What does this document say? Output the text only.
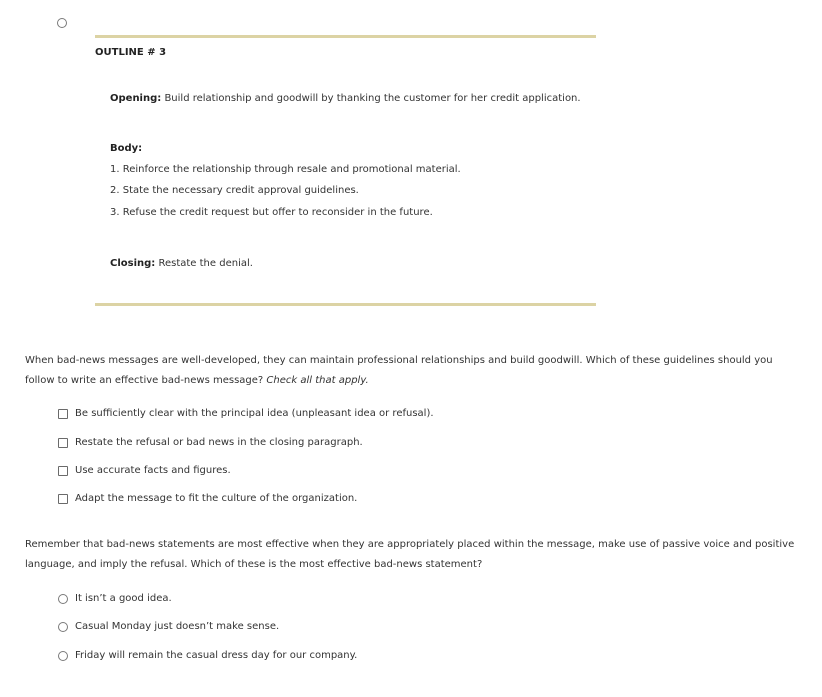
OUTLINE # 3
Opening: Build relationship and goodwill by thanking the customer for her credit application.
Body:
1. Reinforce the relationship through resale and promotional material.
2. State the necessary credit approval guidelines.
3. Refuse the credit request but offer to reconsider in the future.
Closing: Restate the denial.
When bad-news messages are well-developed, they can maintain professional relationships and build goodwill. Which of these guidelines should you follow to write an effective bad-news message? Check all that apply.
Be sufficiently clear with the principal idea (unpleasant idea or refusal).
Restate the refusal or bad news in the closing paragraph.
Use accurate facts and figures.
Adapt the message to fit the culture of the organization.
Remember that bad-news statements are most effective when they are appropriately placed within the message, make use of passive voice and positive language, and imply the refusal. Which of these is the most effective bad-news statement?
It isn’t a good idea.
Casual Monday just doesn’t make sense.
Friday will remain the casual dress day for our company.
